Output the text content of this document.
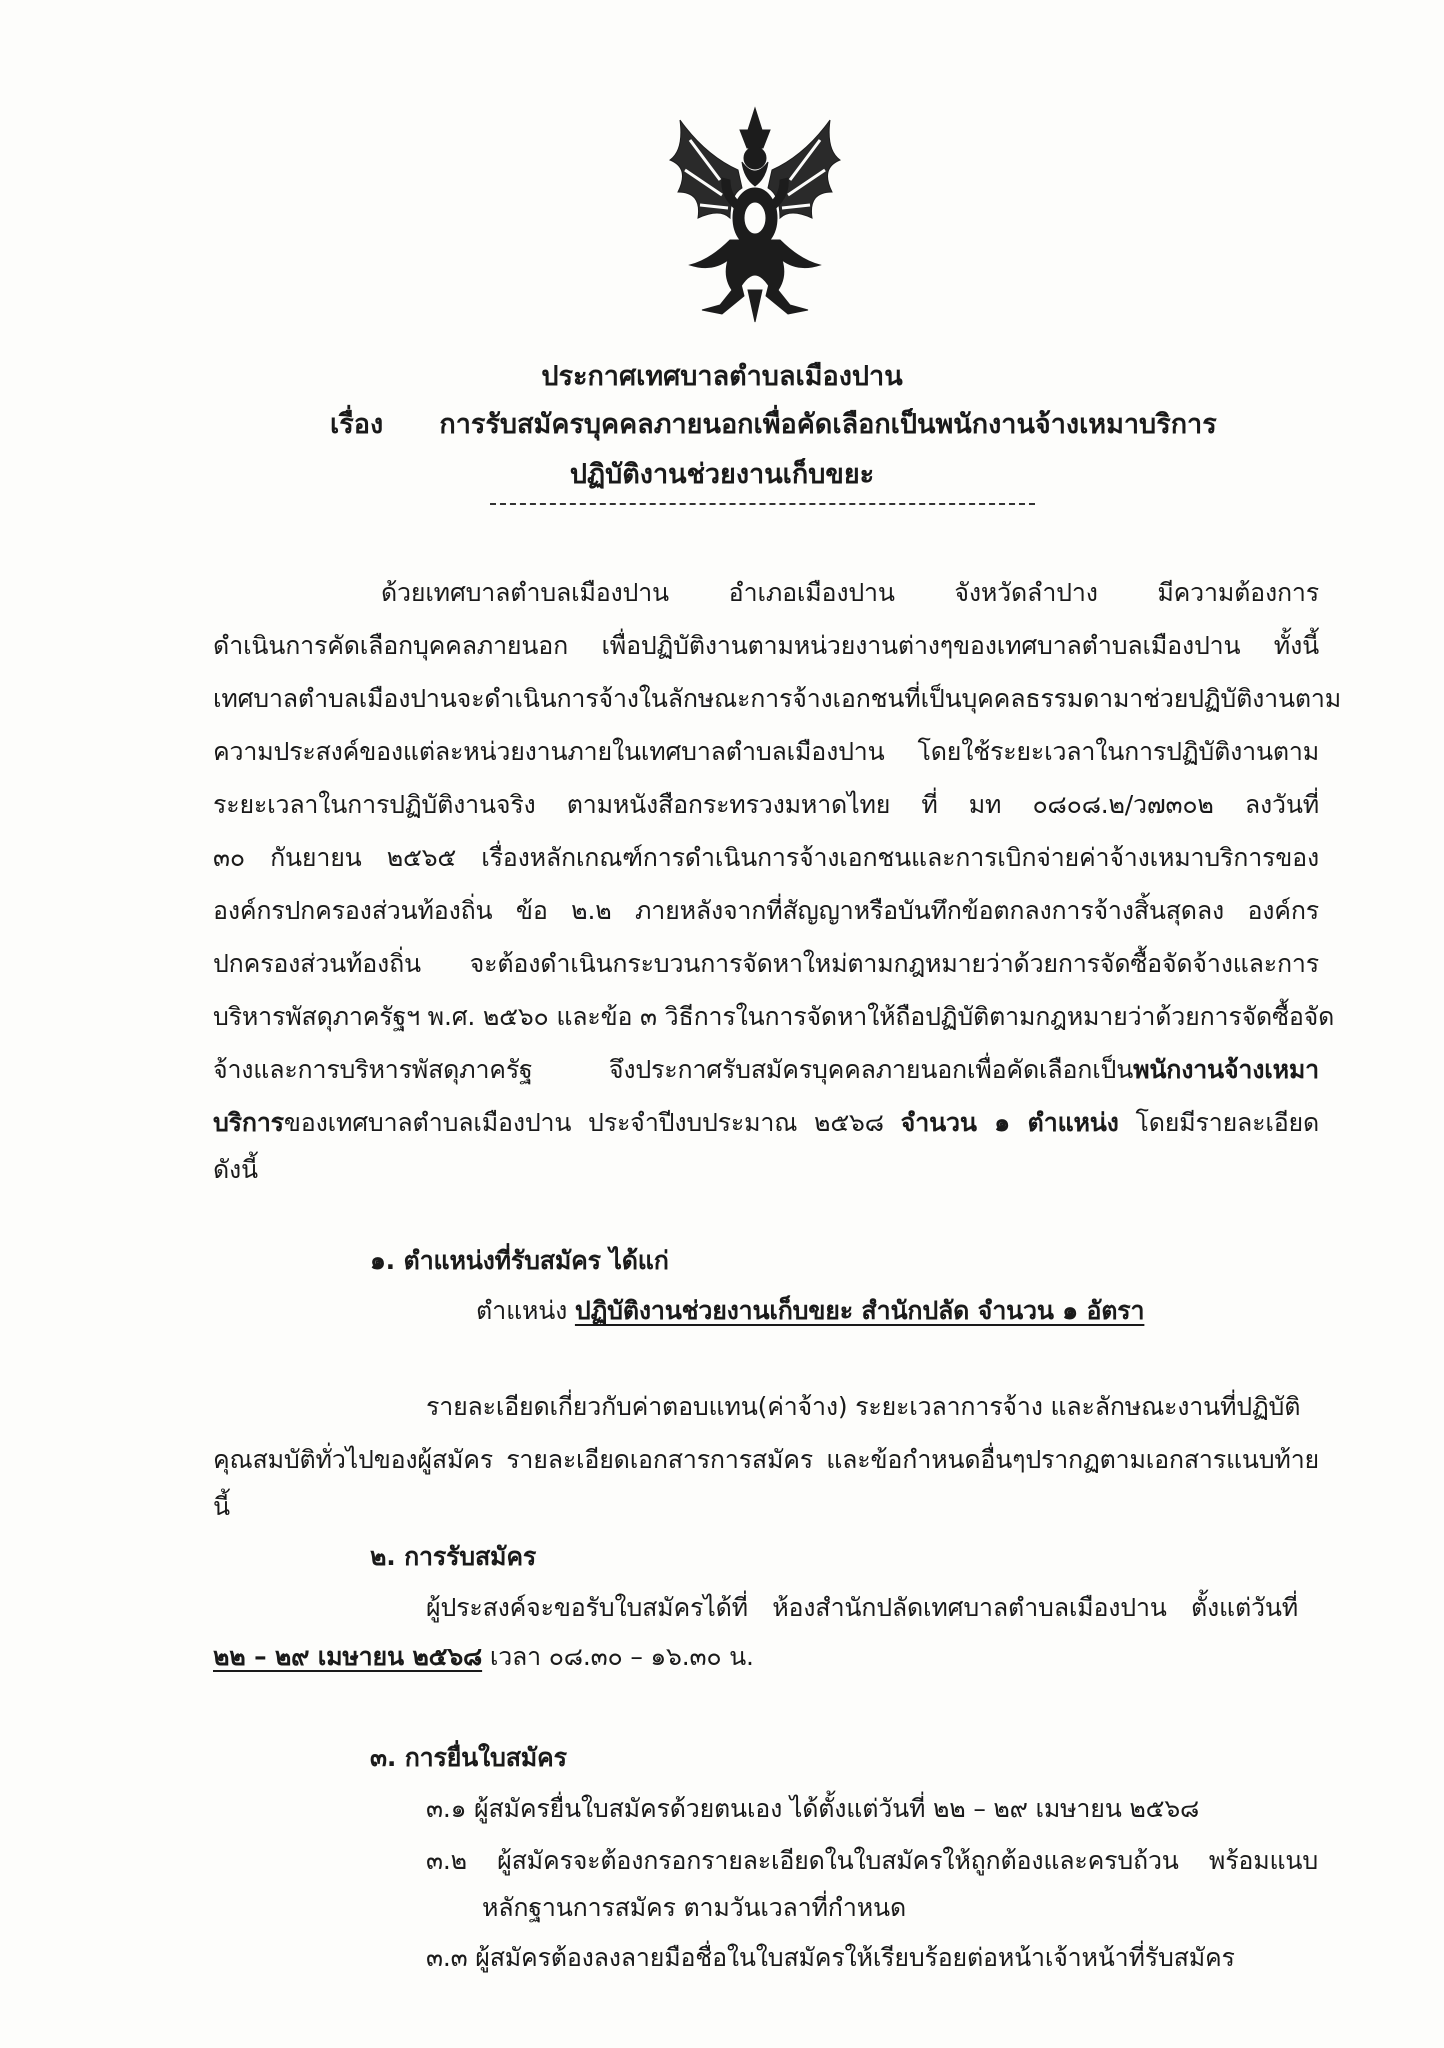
ประกาศเทศบาลตำบลเมืองปาน
เรื่อง การรับสมัครบุคคลภายนอกเพื่อคัดเลือกเป็นพนักงานจ้างเหมาบริการ
ปฏิบัติงานช่วยงานเก็บขยะ
ด้วยเทศบาลตำบลเมืองปาน อำเภอเมืองปาน จังหวัดลำปาง มีความต้องการ
ดำเนินการคัดเลือกบุคคลภายนอก เพื่อปฏิบัติงานตามหน่วยงานต่างๆของเทศบาลตำบลเมืองปาน ทั้งนี้
เทศบาลตำบลเมืองปานจะดำเนินการจ้างในลักษณะการจ้างเอกชนที่เป็นบุคคลธรรมดามาช่วยปฏิบัติงานตาม
ความประสงค์ของแต่ละหน่วยงานภายในเทศบาลตำบลเมืองปาน โดยใช้ระยะเวลาในการปฏิบัติงานตาม
ระยะเวลาในการปฏิบัติงานจริง ตามหนังสือกระทรวงมหาดไทย ที่ มท ๐๘๐๘.๒/ว๗๓๐๒ ลงวันที่
๓๐ กันยายน ๒๕๖๕ เรื่องหลักเกณฑ์การดำเนินการจ้างเอกชนและการเบิกจ่ายค่าจ้างเหมาบริการของ
องค์กรปกครองส่วนท้องถิ่น ข้อ ๒.๒ ภายหลังจากที่สัญญาหรือบันทึกข้อตกลงการจ้างสิ้นสุดลง องค์กร
ปกครองส่วนท้องถิ่น จะต้องดำเนินกระบวนการจัดหาใหม่ตามกฎหมายว่าด้วยการจัดซื้อจัดจ้างและการ
บริหารพัสดุภาครัฐฯ พ.ศ. ๒๕๖๐ และข้อ ๓ วิธีการในการจัดหาให้ถือปฏิบัติตามกฎหมายว่าด้วยการจัดซื้อจัด
จ้างและการบริหารพัสดุภาครัฐ จึงประกาศรับสมัครบุคคลภายนอกเพื่อคัดเลือกเป็นพนักงานจ้างเหมา
บริการของเทศบาลตำบลเมืองปาน ประจำปีงบประมาณ ๒๕๖๘ จำนวน ๑ ตำแหน่ง โดยมีรายละเอียด
ดังนี้
๑. ตำแหน่งที่รับสมัคร ได้แก่
ตำแหน่ง ปฏิบัติงานช่วยงานเก็บขยะ สำนักปลัด จำนวน ๑ อัตรา
รายละเอียดเกี่ยวกับค่าตอบแทน(ค่าจ้าง) ระยะเวลาการจ้าง และลักษณะงานที่ปฏิบัติ
คุณสมบัติทั่วไปของผู้สมัคร รายละเอียดเอกสารการสมัคร และข้อกำหนดอื่นๆปรากฏตามเอกสารแนบท้าย
นี้
๒. การรับสมัคร
ผู้ประสงค์จะขอรับใบสมัครได้ที่ ห้องสำนักปลัดเทศบาลตำบลเมืองปาน ตั้งแต่วันที่
๒๒ – ๒๙ เมษายน ๒๕๖๘ เวลา ๐๘.๓๐ – ๑๖.๓๐ น.
๓. การยื่นใบสมัคร
๓.๑ ผู้สมัครยื่นใบสมัครด้วยตนเอง ได้ตั้งแต่วันที่ ๒๒ – ๒๙ เมษายน ๒๕๖๘
๓.๒ ผู้สมัครจะต้องกรอกรายละเอียดในใบสมัครให้ถูกต้องและครบถ้วน พร้อมแนบ
หลักฐานการสมัคร ตามวันเวลาที่กำหนด
๓.๓ ผู้สมัครต้องลงลายมือชื่อในใบสมัครให้เรียบร้อยต่อหน้าเจ้าหน้าที่รับสมัคร
